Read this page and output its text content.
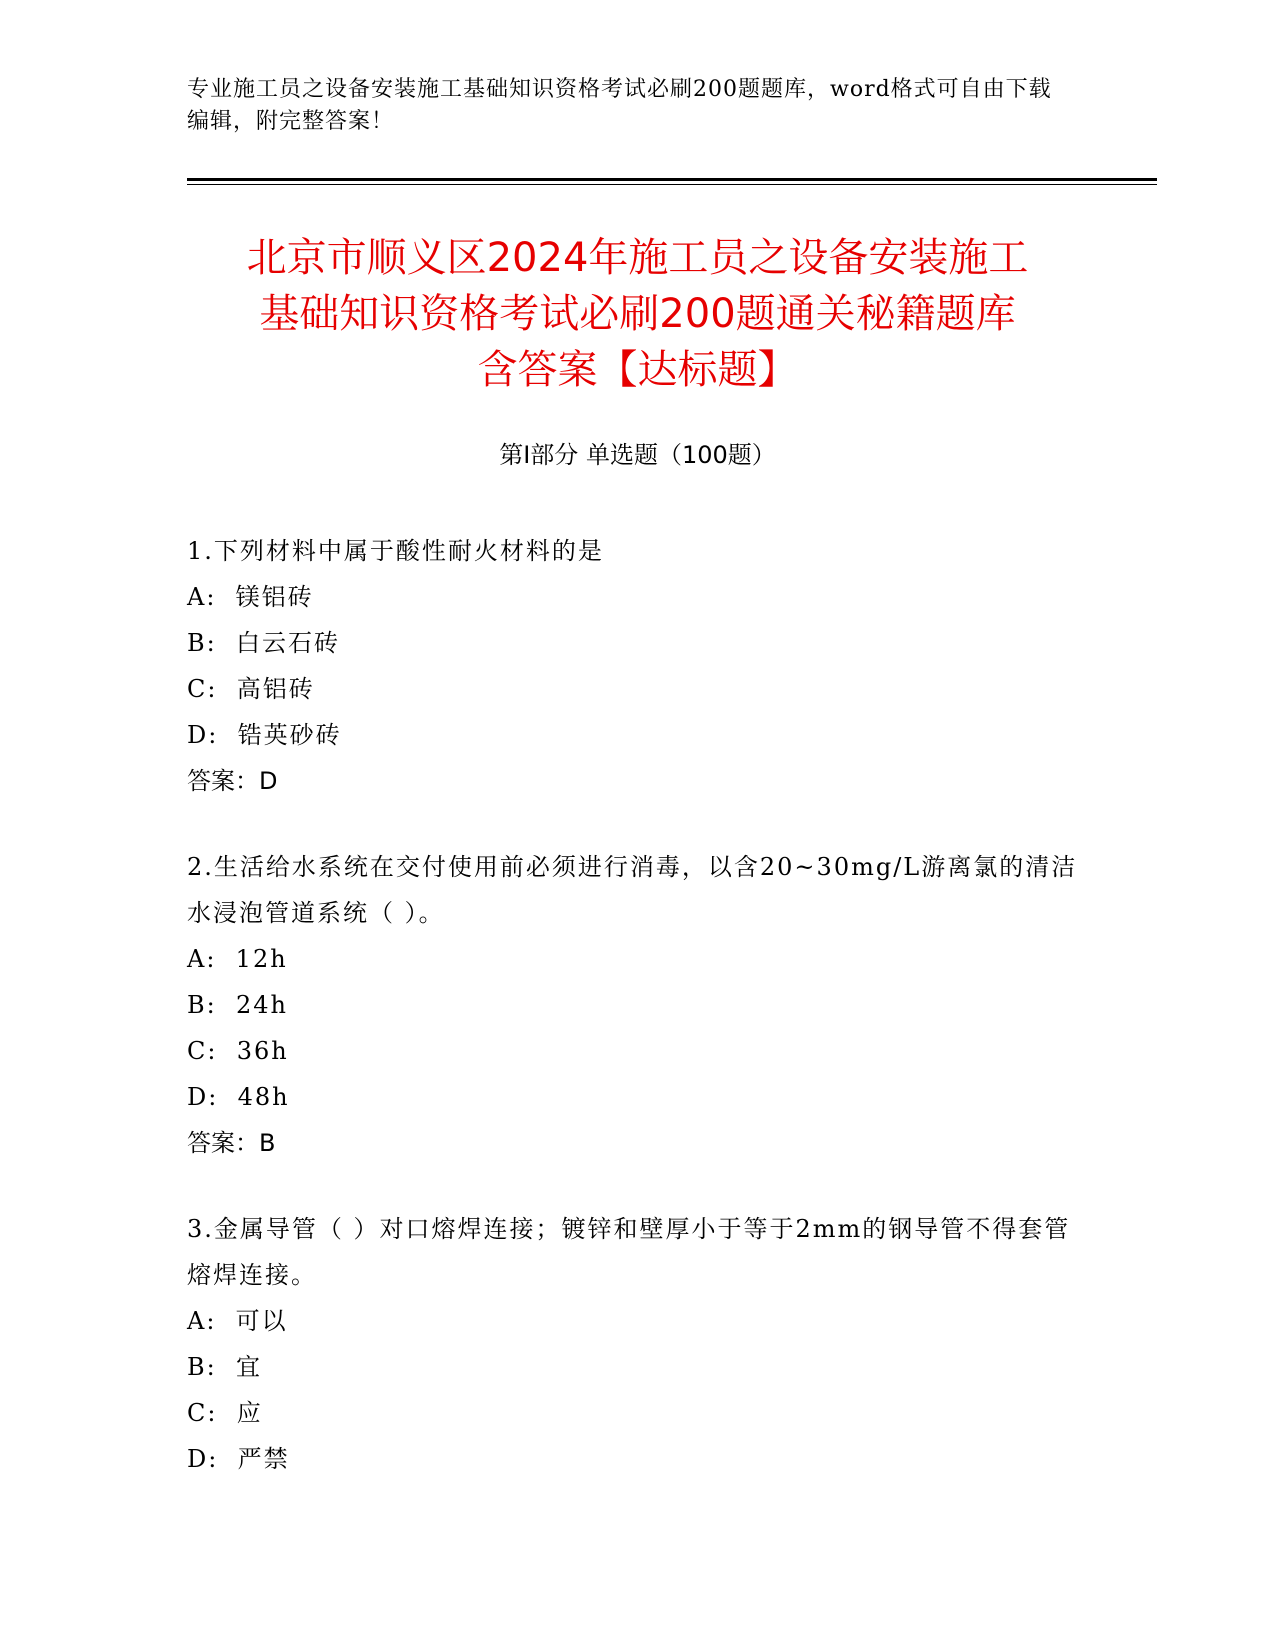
专业施工员之设备安装施工基础知识资格考试必刷200题题库，word格式可自由下载编辑，附完整答案！
北京市顺义区2024年施工员之设备安装施工
基础知识资格考试必刷200题通关秘籍题库
含答案【达标题】
第I部分 单选题（100题）

1.下列材料中属于酸性耐火材料的是

A:  镁铝砖

B:  白云石砖

C:  高铝砖

D:  锆英砂砖

答案：D

2.生活给水系统在交付使用前必须进行消毒，以含20~30mg/L游离氯的清洁水浸泡管道系统（ ）。

A:  12h

B:  24h

C:  36h

D:  48h

答案：B

3.金属导管（ ）对口熔焊连接；镀锌和壁厚小于等于2mm的钢导管不得套管熔焊连接。

A:  可以

B:  宜

C:  应

D:  严禁
